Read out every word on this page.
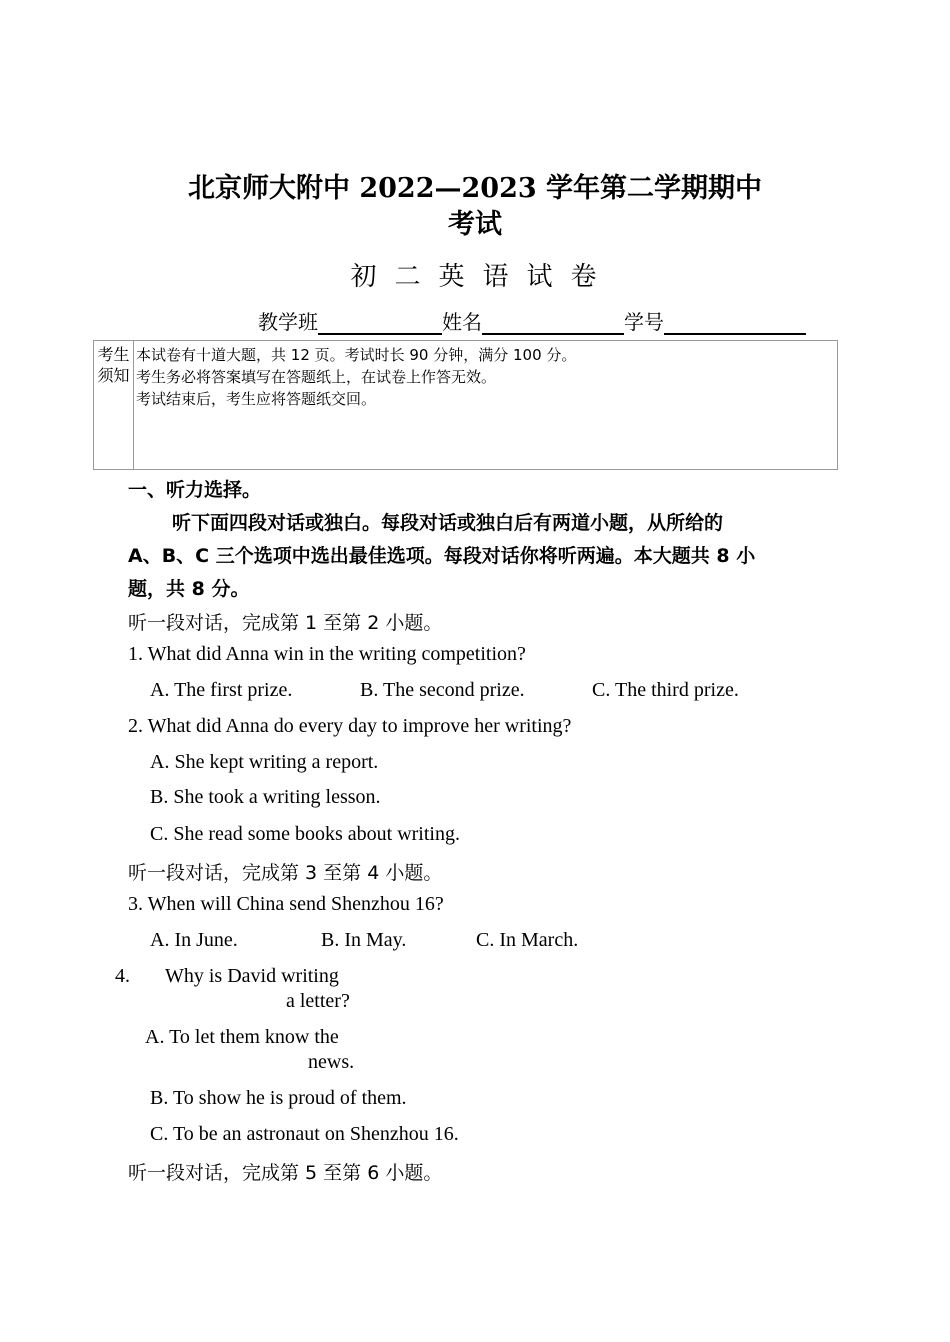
北京师大附中 2022—2023 学年第二学期期中
考试
初二英语试卷
教学班	姓名	学号
考生
须知
本试卷有十道大题，共 12 页。考试时长 90 分钟，满分 100 分。
考生务必将答案填写在答题纸上，在试卷上作答无效。
考试结束后，考生应将答题纸交回。
一、听力选择。
听下面四段对话或独白。每段对话或独白后有两道小题，从所给的
A、B、C 三个选项中选出最佳选项。每段对话你将听两遍。本大题共 8 小
题，共 8 分。
听一段对话，完成第 1 至第 2 小题。
1. What did Anna win in the writing competition?
A. The first prize.	B. The second prize.	C. The third prize.
2. What did Anna do every day to improve her writing?
A. She kept writing a report.
B. She took a writing lesson.
C. She read some books about writing.
听一段对话，完成第 3 至第 4 小题。
3. When will China send Shenzhou 16?
A. In June.	B. In May.	C. In March.
4. Why is David writing
a letter?
A. To let them know the
news.
B. To show he is proud of them.
C. To be an astronaut on Shenzhou 16.
听一段对话，完成第 5 至第 6 小题。
